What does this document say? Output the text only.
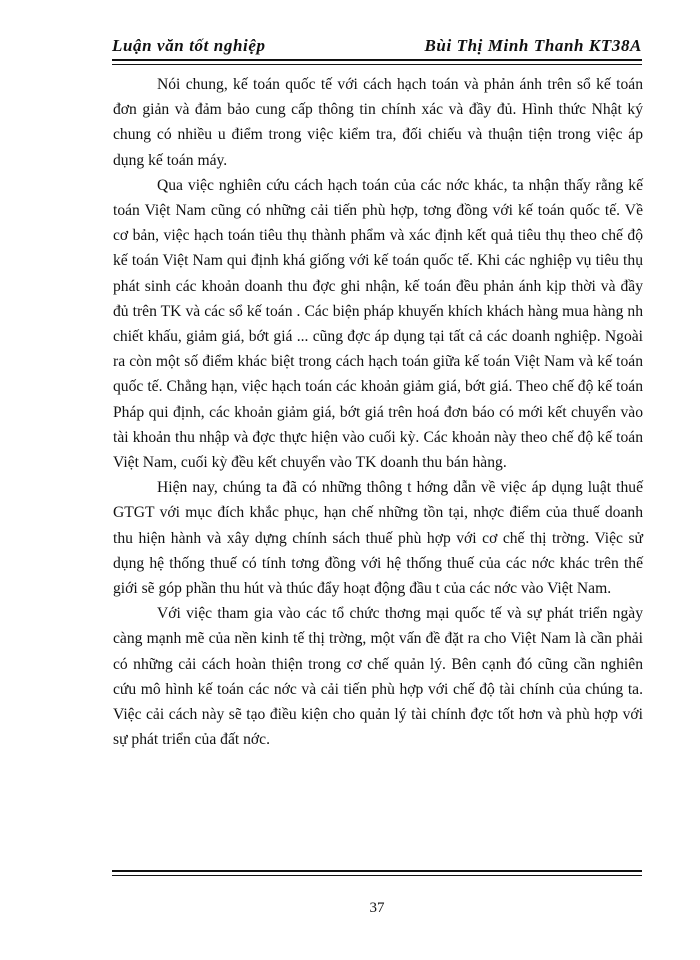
Luận văn tốt nghiệp	Bùi Thị Minh Thanh KT38A

Nói chung, kế toán quốc tế với cách hạch toán và phản ánh trên sổ kế toán đơn giản và đảm bảo cung cấp thông tin chính xác và đầy đủ. Hình thức Nhật ký chung có nhiều u điểm trong việc kiểm tra, đối chiếu và thuận tiện trong việc áp dụng kế toán máy.

Qua việc nghiên cứu cách hạch toán của các nớc khác, ta nhận thấy rằng kế toán Việt Nam cũng có những cải tiến phù hợp, tơng đồng với kế toán quốc tế. Về cơ bản, việc hạch toán tiêu thụ thành phẩm và xác định kết quả tiêu thụ theo chế độ kế toán Việt Nam qui định khá giống với kế toán quốc tế. Khi các nghiệp vụ tiêu thụ phát sinh các khoản doanh thu đợc ghi nhận, kế toán đều phản ánh kịp thời và đầy đủ trên TK và các sổ kế toán . Các biện pháp khuyến khích khách hàng mua hàng nh chiết khấu, giảm giá, bớt giá ... cũng đợc áp dụng tại tất cả các doanh nghiệp. Ngoài ra còn một số điểm khác biệt trong cách hạch toán giữa kế toán Việt Nam và kế toán quốc tế. Chẳng hạn, việc hạch toán các khoản giảm giá, bớt giá. Theo chế độ kế toán Pháp qui định, các khoản giảm giá, bớt giá trên hoá đơn báo có mới kết chuyển vào tài khoản thu nhập và đợc thực hiện vào cuối kỳ. Các khoản này theo chế độ kế toán Việt Nam, cuối kỳ đều kết chuyển vào TK doanh thu bán hàng.

Hiện nay, chúng ta đã có những thông t hớng dẫn về việc áp dụng luật thuế GTGT với mục đích khắc phục, hạn chế những tồn tại, nhợc điểm của thuế doanh thu hiện hành và xây dựng chính sách thuế phù hợp với cơ chế thị trờng. Việc sử dụng hệ thống thuế có tính tơng đồng với hệ thống thuế của các nớc khác trên thế giới sẽ góp phần thu hút và thúc đẩy hoạt động đầu t của các nớc vào Việt Nam.

Với việc tham gia vào các tổ chức thơng mại quốc tế và sự phát triển ngày càng mạnh mẽ của nền kinh tế thị trờng, một vấn đề đặt ra cho Việt Nam là cần phải có những cải cách hoàn thiện trong cơ chế quản lý. Bên cạnh đó cũng cần nghiên cứu mô hình kế toán các nớc và cải tiến phù hợp với chế độ tài chính của chúng ta. Việc cải cách này sẽ tạo điều kiện cho quản lý tài chính đợc tốt hơn và phù hợp với sự phát triển của đất nớc.

37
